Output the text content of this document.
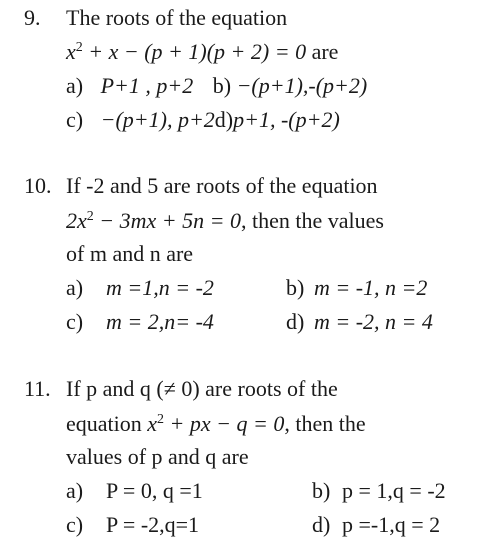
9. The roots of the equation
$x^2 + x - (p + 1)(p + 2) = 0$ are
a) P+1 , p+2 b) −(p+1),-(p+2)
c) −(p+1), p+2d)p+1, -(p+2)
10. If -2 and 5 are roots of the equation
$2x^2 - 3mx + 5n = 0$, then the values
of m and n are
a) m =1,n = -2	b) m = -1, n =2
c) m = 2,n= -4	d) m = -2, n = 4
11. If p and q (≠ 0) are roots of the
equation $x^2$ + px − q = 0, then the
values of p and q are
a) P = 0, q =1	b) p = 1,q = -2
c) P = -2,q=1	d) p =-1,q = 2
